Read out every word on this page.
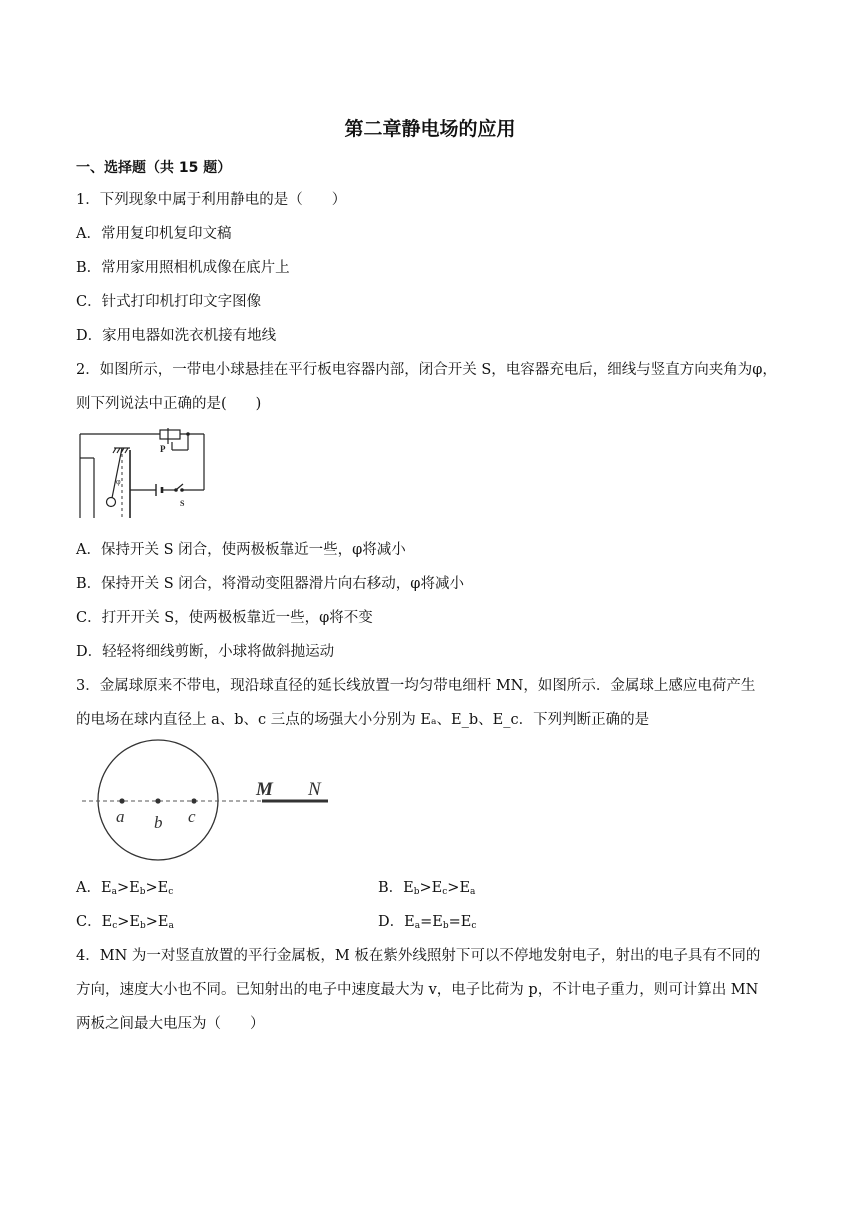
第二章静电场的应用
一、选择题（共 15 题）
1．下列现象中属于利用静电的是（　　）
A．常用复印机复印文稿
B．常用家用照相机成像在底片上
C．针式打印机打印文字图像
D．家用电器如洗衣机接有地线
2．如图所示，一带电小球悬挂在平行板电容器内部，闭合开关 S，电容器充电后，细线与竖直方向夹角为φ，
则下列说法中正确的是(　　)
P
S
φ
A．保持开关 S 闭合，使两极板靠近一些，φ将减小
B．保持开关 S 闭合，将滑动变阻器滑片向右移动，φ将减小
C．打开开关 S，使两极板靠近一些，φ将不变
D．轻轻将细线剪断，小球将做斜抛运动
3．金属球原来不带电，现沿球直径的延长线放置一均匀带电细杆 MN，如图所示．金属球上感应电荷产生
的电场在球内直径上 a、b、c 三点的场强大小分别为 Eₐ、E_b、E_c．下列判断正确的是
a b c
M N
A．$E_a>E_b>E_c$	B．$E_b>E_c>E_a$
C．$E_c>E_b>E_a$	D．$E_a=E_b=E_c$
4．MN 为一对竖直放置的平行金属板，M 板在紫外线照射下可以不停地发射电子，射出的电子具有不同的
方向，速度大小也不同。已知射出的电子中速度最大为 v，电子比荷为 p，不计电子重力，则可计算出 MN
两板之间最大电压为（　　）
